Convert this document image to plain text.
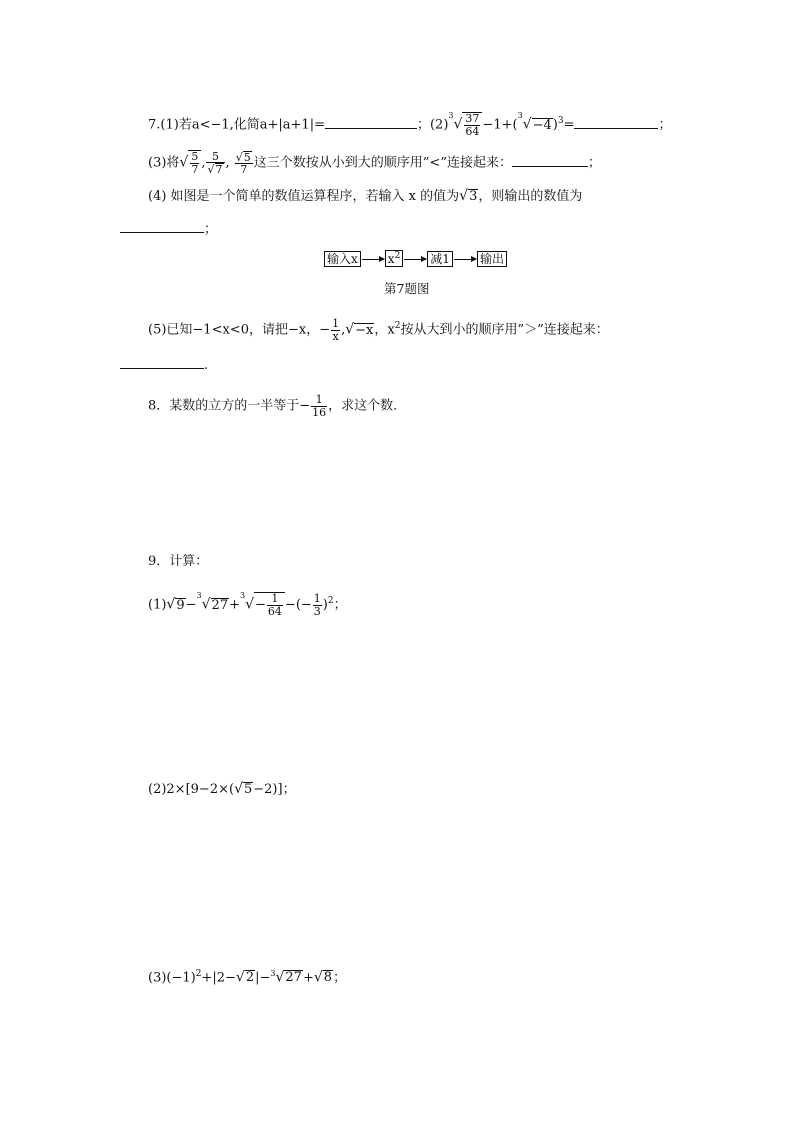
7.(1)若a<−1,化简a+|a+1|=	；$(2)^3√ \frac{37}{64} -1+(^3√-4)^3=$	；
(3)将√ $\frac{5}{7}$ , $\frac{5}{√7}$ , $\frac{√5}{7}$ 这三个数按从小到大的顺序用”<”连接起来：	；
(4) 如图是一个简单的数值运算程序，若输入 x 的值为√3，则输出的数值为
；
输入x	$x^2$	减1	输出
第7题图
(5)已知−1<x<0，请把−x，− $\frac{1}{x} ,√-x$，$x^2$按从大到小的顺序用”＞”连接起来：
.
8．某数的立方的一半等于− $\frac{1}{16}$ ，求这个数．
9．计算：
$(1)√9-^3√27+^3√- \frac{1}{64}$ −(− $\frac{1}{3} )^2$；
(2)2×[9−2×(√5−2)]；
$(3)(-1)^2+|2-√2|-^3√27+√8$；
